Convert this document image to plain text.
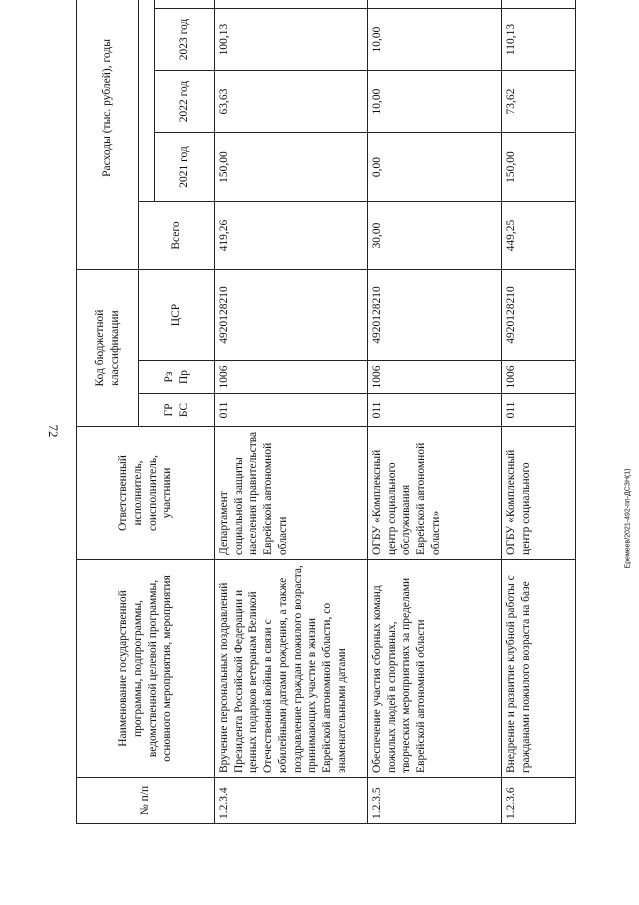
72
№ п/п	Наименование государственной программы, подпрограммы, ведомственной целевой программы, основного мероприятия, мероприятия	Ответственный исполнитель, соисполнитель, участники	Код бюджетной классификации			Расходы (тыс. рублей), годы				
			ГР БС	Рз Пр	ЦСР	Всего				
							2021 год	2022 год	2023 год	
1.2.3.4	Вручение персональных поздравлений Президента Российской Федерации и ценных подарков ветеранам Великой Отечественной войны в связи с юбилейными датами рождения, а также поздравление граждан пожилого возраста, принимающих участие в жизни Еврейской автономной области, со знаменательными датами	Департамент социальной защиты населения правительства Еврейской автономной области	011	1006	4920128210	419,26	150,00	63,63	100,13	
1.2.3.5	Обеспечение участия сборных команд пожилых людей в спортивных, творческих мероприятиях за пределами Еврейской автономной области	ОГБУ «Комплексный центр социального обслуживания Еврейской автономной области»	011	1006	4920128210	30,00	0,00	10,00	10,00	
1.2.3.6	Внедрение и развитие клубной работы с гражданами пожилого возраста на базе	ОГБУ «Комплексный центр социального	011	1006	4920128210	449,25	150,00	73,62	110,13	
Еремеев/2021-492-пп-ДСЗН(1)
